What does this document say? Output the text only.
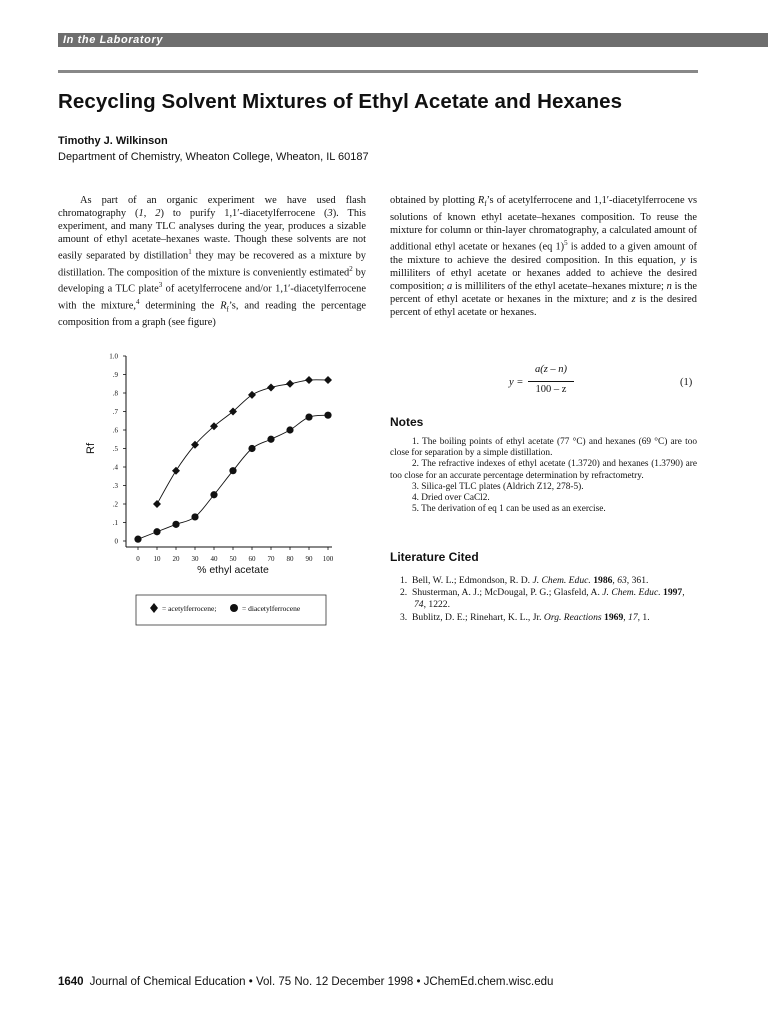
In the Laboratory
Recycling Solvent Mixtures of Ethyl Acetate and Hexanes
Timothy J. Wilkinson
Department of Chemistry, Wheaton College, Wheaton, IL 60187

As part of an organic experiment we have used flash chromatography (1, 2) to purify 1,1′-diacetylferrocene (3). This experiment, and many TLC analyses during the year, produces a sizable amount of ethyl acetate–hexanes waste. Though these solvents are not easily separated by distillation$^1$ they may be recovered as a mixture by distillation. The composition of the mixture is conveniently estimated$^2$ by developing a TLC plate$^3$ of acetylferrocene and/or 1,1′-diacetylferrocene with the mixture,$^4$ determining the $R_f’s$, and reading the percentage composition from a graph (see figure)

obtained by plotting $R_f’s$ of acetylferrocene and 1,1′-diacetylferrocene vs solutions of known ethyl acetate–hexanes composition. To reuse the mixture for column or thin-layer chromatography, a calculated amount of additional ethyl acetate or hexanes (eq 1)$^5$ is added to a given amount of the mixture to achieve the desired composition. In this equation, y is milliliters of ethyl acetate or hexanes added to achieve the desired composition; a is milliliters of the ethyl acetate–hexanes mixture; n is the percent of ethyl acetate or hexanes in the mixture; and z is the desired percent of ethyl acetate or hexanes.

y =
a(z – n)
100 – z
(1)
Notes

1. The boiling points of ethyl acetate (77 °C) and hexanes (69 °C) are too close for separation by a simple distillation.

2. The refractive indexes of ethyl acetate (1.3720) and hexanes (1.3790) are too close for an accurate percentage determination by refractometry.

3. Silica-gel TLC plates (Aldrich Z12, 278-5).

4. Dried over CaCl2.

5. The derivation of eq 1 can be used as an exercise.

Literature Cited

1.  Bell, W. L.; Edmondson, R. D. J. Chem. Educ. 1986, 63, 361.

2.  Shusterman, A. J.; McDougal, P. G.; Glasfeld, A. J. Chem. Educ. 1997, 74, 1222.

3.  Bublitz, D. E.; Rinehart, K. L., Jr. Org. Reactions 1969, 17, 1.

0
.1
.2
.3
.4
.5
.6
.7
.8
.9
1.0
0 10 20 30 40 50 60 70 80 90 100
% ethyl acetate
Rf
= acetylferrocene;	= diacetylferrocene
1640 Journal of Chemical Education • Vol. 75 No. 12 December 1998 • JChemEd.chem.wisc.edu
